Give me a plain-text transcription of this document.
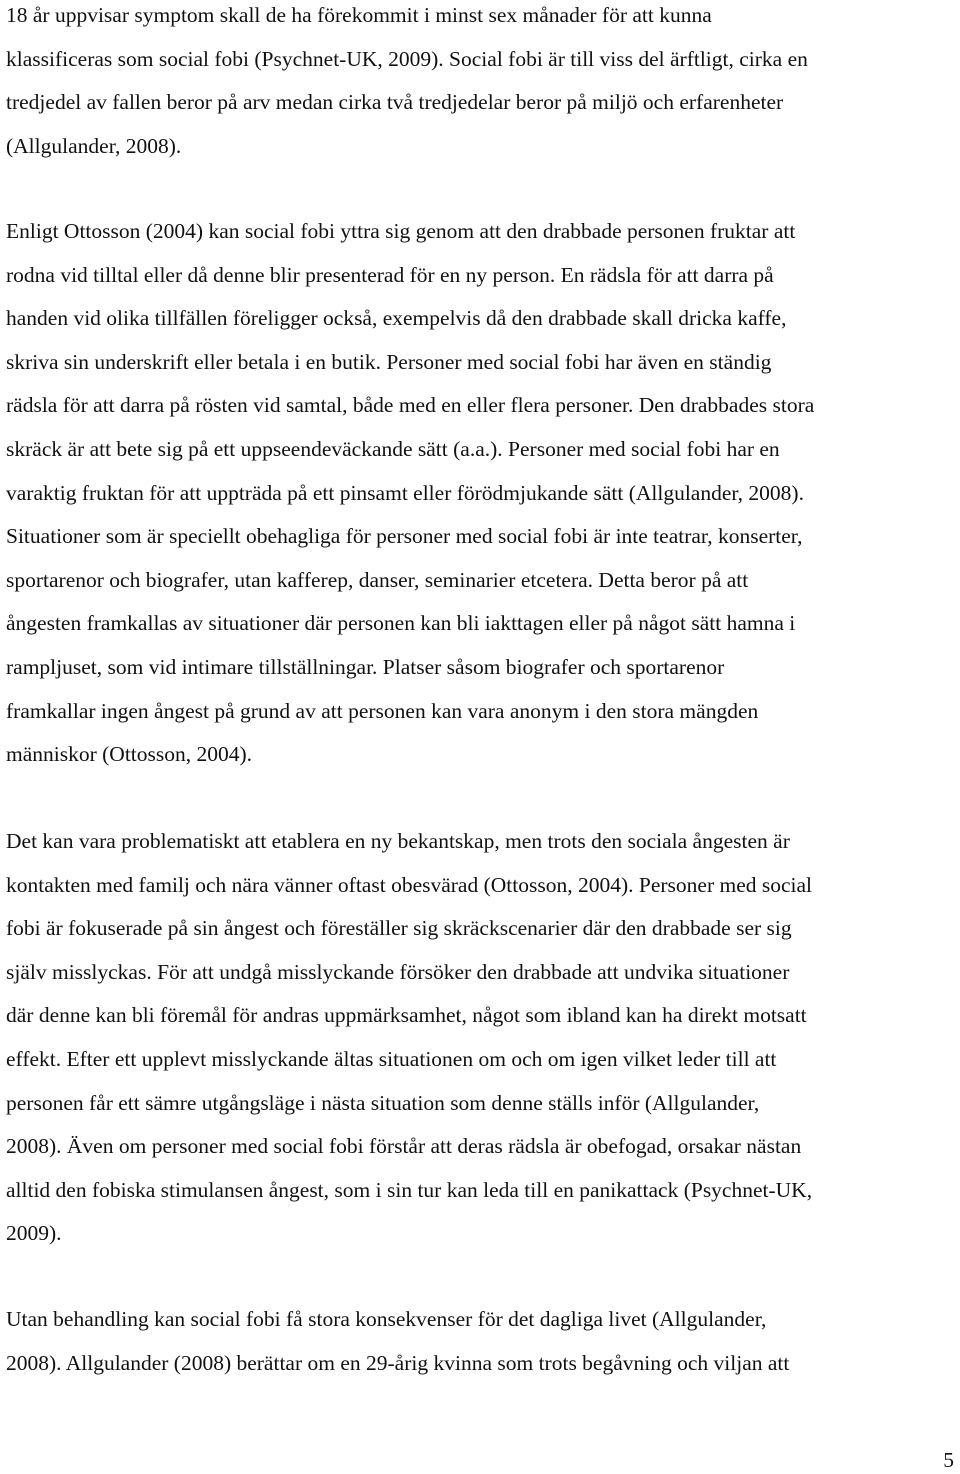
18 år uppvisar symptom skall de ha förekommit i minst sex månader för att kunna
klassificeras som social fobi (Psychnet-UK, 2009). Social fobi är till viss del ärftligt, cirka en
tredjedel av fallen beror på arv medan cirka två tredjedelar beror på miljö och erfarenheter
(Allgulander, 2008).
Enligt Ottosson (2004) kan social fobi yttra sig genom att den drabbade personen fruktar att
rodna vid tilltal eller då denne blir presenterad för en ny person. En rädsla för att darra på
handen vid olika tillfällen föreligger också, exempelvis då den drabbade skall dricka kaffe,
skriva sin underskrift eller betala i en butik. Personer med social fobi har även en ständig
rädsla för att darra på rösten vid samtal, både med en eller flera personer. Den drabbades stora
skräck är att bete sig på ett uppseendeväckande sätt (a.a.). Personer med social fobi har en
varaktig fruktan för att uppträda på ett pinsamt eller förödmjukande sätt (Allgulander, 2008).
Situationer som är speciellt obehagliga för personer med social fobi är inte teatrar, konserter,
sportarenor och biografer, utan kafferep, danser, seminarier etcetera. Detta beror på att
ångesten framkallas av situationer där personen kan bli iakttagen eller på något sätt hamna i
rampljuset, som vid intimare tillställningar. Platser såsom biografer och sportarenor
framkallar ingen ångest på grund av att personen kan vara anonym i den stora mängden
människor (Ottosson, 2004).
Det kan vara problematiskt att etablera en ny bekantskap, men trots den sociala ångesten är
kontakten med familj och nära vänner oftast obesvärad (Ottosson, 2004). Personer med social
fobi är fokuserade på sin ångest och föreställer sig skräckscenarier där den drabbade ser sig
själv misslyckas. För att undgå misslyckande försöker den drabbade att undvika situationer
där denne kan bli föremål för andras uppmärksamhet, något som ibland kan ha direkt motsatt
effekt. Efter ett upplevt misslyckande ältas situationen om och om igen vilket leder till att
personen får ett sämre utgångsläge i nästa situation som denne ställs inför (Allgulander,
2008). Även om personer med social fobi förstår att deras rädsla är obefogad, orsakar nästan
alltid den fobiska stimulansen ångest, som i sin tur kan leda till en panikattack (Psychnet-UK,
2009).
Utan behandling kan social fobi få stora konsekvenser för det dagliga livet (Allgulander,
2008). Allgulander (2008) berättar om en 29-årig kvinna som trots begåvning och viljan att
5
